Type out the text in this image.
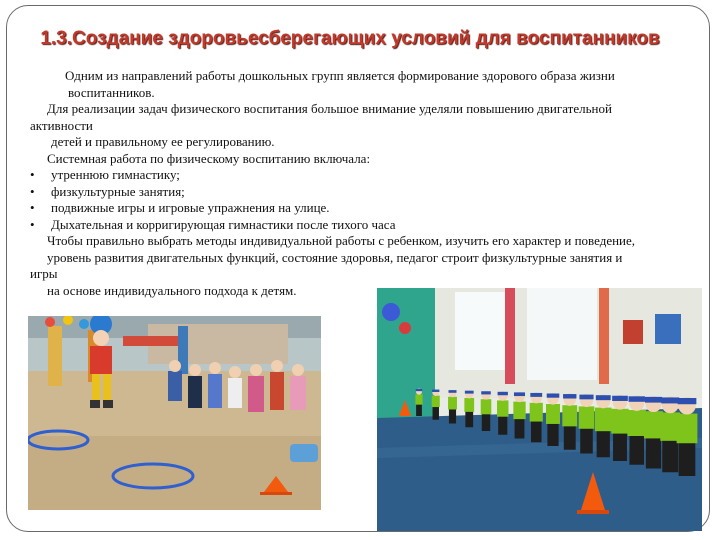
1.3.Создание здоровьесберегающих условий для воспитанников
Одним из направлений работы дошкольных групп является формирование здорового образа жизни
воспитанников.
Для реализации задач физического воспитания большое внимание уделяли повышению двигательной
активности
детей и правильному ее регулированию.
Системная работа по физическому воспитанию включала:
•	утреннюю гимнастику;
•	физкультурные занятия;
•	подвижные игры и игровые упражнения на улице.
•	Дыхательная и корригирующая гимнастики после тихого часа
Чтобы правильно выбрать методы индивидуальной работы с ребенком, изучить его характер и поведение,
уровень развития двигательных функций, состояние здоровья, педагог строит физкультурные занятия и
игры
на основе индивидуального подхода к детям.
